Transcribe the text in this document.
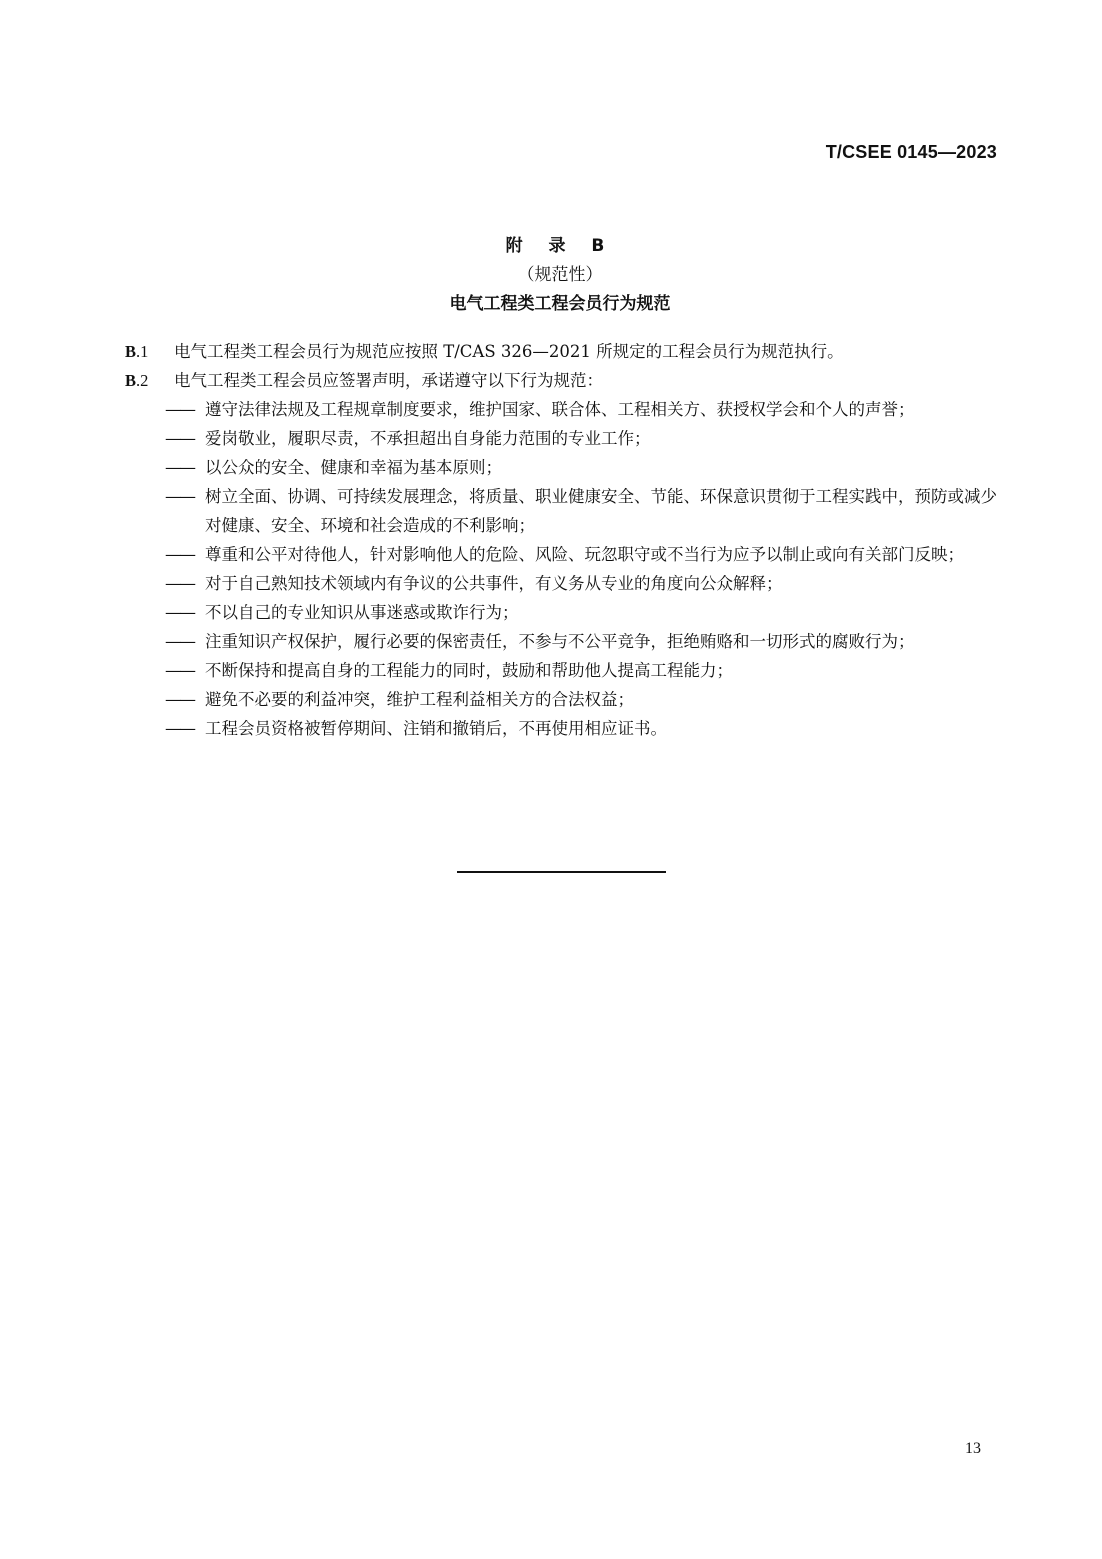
T/CSEE 0145—2023
附 录 B
（规范性）
电气工程类工程会员行为规范
B.1	电气工程类工程会员行为规范应按照 T/CAS 326—2021 所规定的工程会员行为规范执行。
B.2	电气工程类工程会员应签署声明，承诺遵守以下行为规范：
—— 遵守法律法规及工程规章制度要求，维护国家、联合体、工程相关方、获授权学会和个人的声誉；
—— 爱岗敬业，履职尽责，不承担超出自身能力范围的专业工作；
—— 以公众的安全、健康和幸福为基本原则；
—— 树立全面、协调、可持续发展理念，将质量、职业健康安全、节能、环保意识贯彻于工程实践中，预防或减少对健康、安全、环境和社会造成的不利影响；
—— 尊重和公平对待他人，针对影响他人的危险、风险、玩忽职守或不当行为应予以制止或向有关部门反映；
—— 对于自己熟知技术领域内有争议的公共事件，有义务从专业的角度向公众解释；
—— 不以自己的专业知识从事迷惑或欺诈行为；
—— 注重知识产权保护，履行必要的保密责任，不参与不公平竞争，拒绝贿赂和一切形式的腐败行为；
—— 不断保持和提高自身的工程能力的同时，鼓励和帮助他人提高工程能力；
—— 避免不必要的利益冲突，维护工程利益相关方的合法权益；
—— 工程会员资格被暂停期间、注销和撤销后，不再使用相应证书。
13
